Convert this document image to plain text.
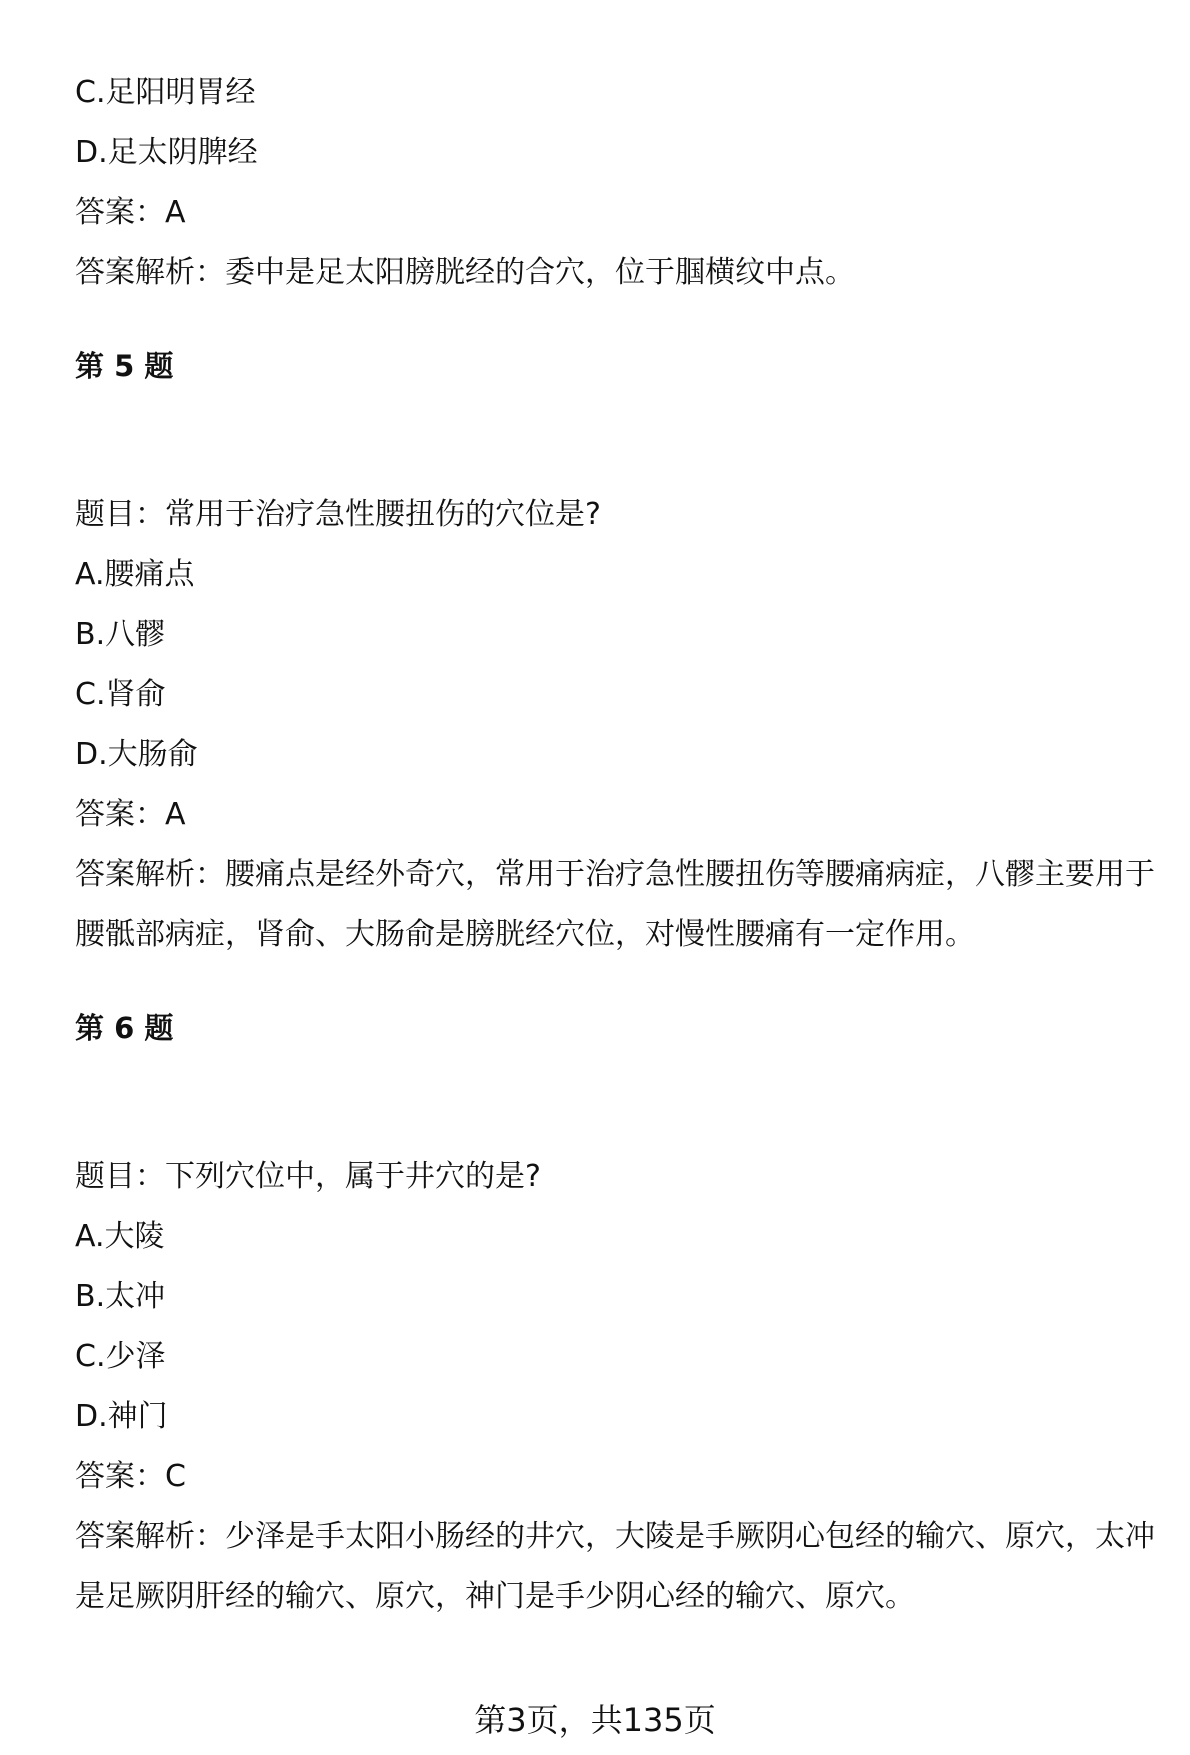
C.足阳明胃经
D.足太阴脾经
答案：A
答案解析：委中是足太阳膀胱经的合穴，位于腘横纹中点。
第 5 题
题目：常用于治疗急性腰扭伤的穴位是?
A.腰痛点
B.八髎
C.肾俞
D.大肠俞
答案：A
答案解析：腰痛点是经外奇穴，常用于治疗急性腰扭伤等腰痛病症，八髎主要用于
腰骶部病症，肾俞、大肠俞是膀胱经穴位，对慢性腰痛有一定作用。
第 6 题
题目：下列穴位中，属于井穴的是?
A.大陵
B.太冲
C.少泽
D.神门
答案：C
答案解析：少泽是手太阳小肠经的井穴，大陵是手厥阴心包经的输穴、原穴，太冲
是足厥阴肝经的输穴、原穴，神门是手少阴心经的输穴、原穴。
第3页，共135页
